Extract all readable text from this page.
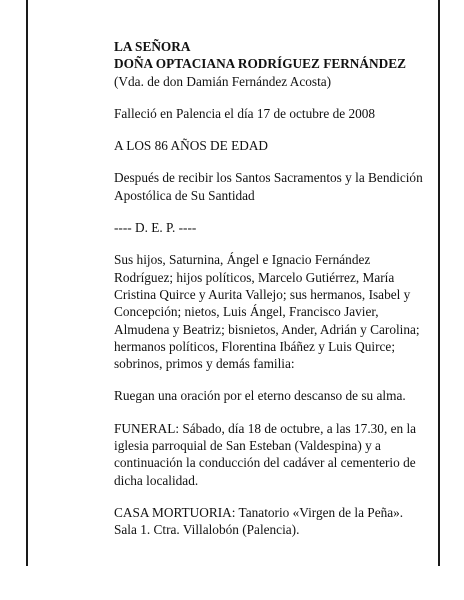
LA SEÑORA

DOÑA OPTACIANA RODRÍGUEZ FERNÁNDEZ

(Vda. de don Damián Fernández Acosta)

Falleció en Palencia el día 17 de octubre de 2008

A LOS 86 AÑOS DE EDAD

Después de recibir los Santos Sacramentos y la Bendición Apostólica de Su Santidad

---- D. E. P. ----

Sus hijos, Saturnina, Ángel e Ignacio Fernández Rodríguez; hijos políticos, Marcelo Gutiérrez, María Cristina Quirce y Aurita Vallejo; sus hermanos, Isabel y Concepción; nietos, Luis Ángel, Francisco Javier, Almudena y Beatriz; bisnietos, Ander, Adrián y Carolina; hermanos políticos, Florentina Ibáñez y Luis Quirce; sobrinos, primos y demás familia:

Ruegan una oración por el eterno descanso de su alma.

FUNERAL: Sábado, día 18 de octubre, a las 17.30, en la iglesia parroquial de San Esteban (Valdespina) y a continuación la conducción del cadáver al cementerio de dicha localidad.

CASA MORTUORIA: Tanatorio «Virgen de la Peña». Sala 1. Ctra. Villalobón (Palencia).
